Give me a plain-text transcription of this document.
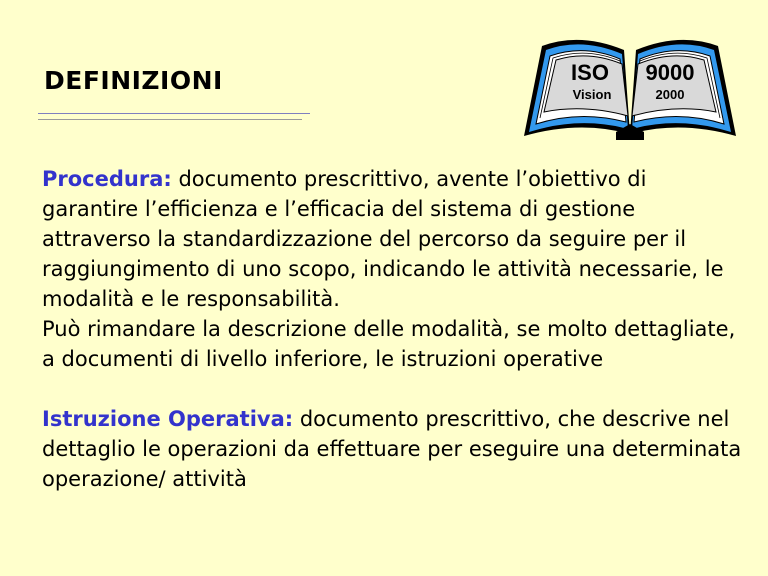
DEFINIZIONI	ISO 9000
Vision	2000
Procedura: documento prescrittivo, avente l’obiettivo di garantire l’efficienza e l’efficacia del sistema di gestione attraverso la standardizzazione del percorso da seguire per il raggiungimento di uno scopo, indicando le attività necessarie, le modalità e le responsabilità.
Può rimandare la descrizione delle modalità, se molto dettagliate, a documenti di livello inferiore, le istruzioni operative
Istruzione Operativa: documento prescrittivo, che descrive nel dettaglio le operazioni da effettuare per eseguire una determinata operazione/ attività
